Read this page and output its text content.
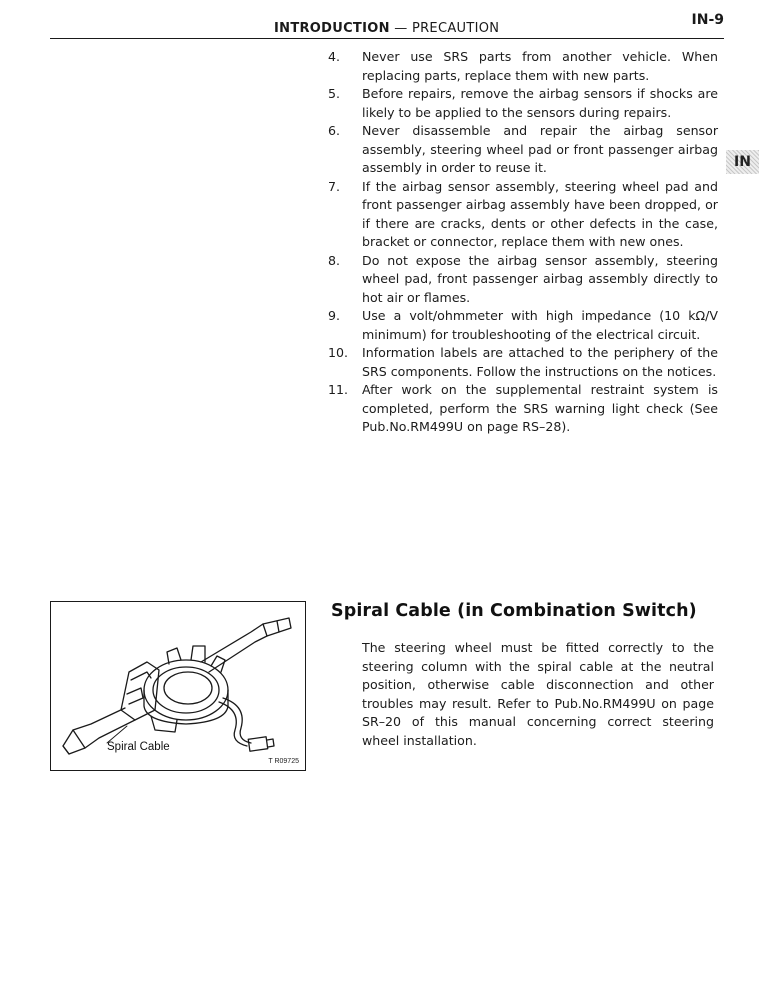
INTRODUCTION — PRECAUTION
IN-9
IN
4.	Never use SRS parts from another vehicle. When replacing parts, replace them with new parts.
5.	Before repairs, remove the airbag sensors if shocks are likely to be applied to the sensors during repairs.
6.	Never disassemble and repair the airbag sensor assembly, steering wheel pad or front passenger airbag assembly in order to reuse it.
7.	If the airbag sensor assembly, steering wheel pad and front passenger airbag assembly have been dropped, or if there are cracks, dents or other defects in the case, bracket or connector, replace them with new ones.
8.	Do not expose the airbag sensor assembly, steering wheel pad, front passenger airbag assembly directly to hot air or flames.
9.	Use a volt/ohmmeter with high impedance (10 kΩ/V minimum) for troubleshooting of the electrical circuit.
10.	Information labels are attached to the periphery of the SRS components. Follow the instructions on the notices.
11.	After work on the supplemental restraint system is completed, perform the SRS warning light check (See Pub.No.RM499U on page RS–28).
Spiral Cable
T R09725
Spiral Cable (in Combination Switch)

The steering wheel must be fitted correctly to the steering column with the spiral cable at the neutral position, otherwise cable disconnection and other troubles may result. Refer to Pub.No.RM499U on page SR–20 of this manual concerning correct steering wheel installation.
